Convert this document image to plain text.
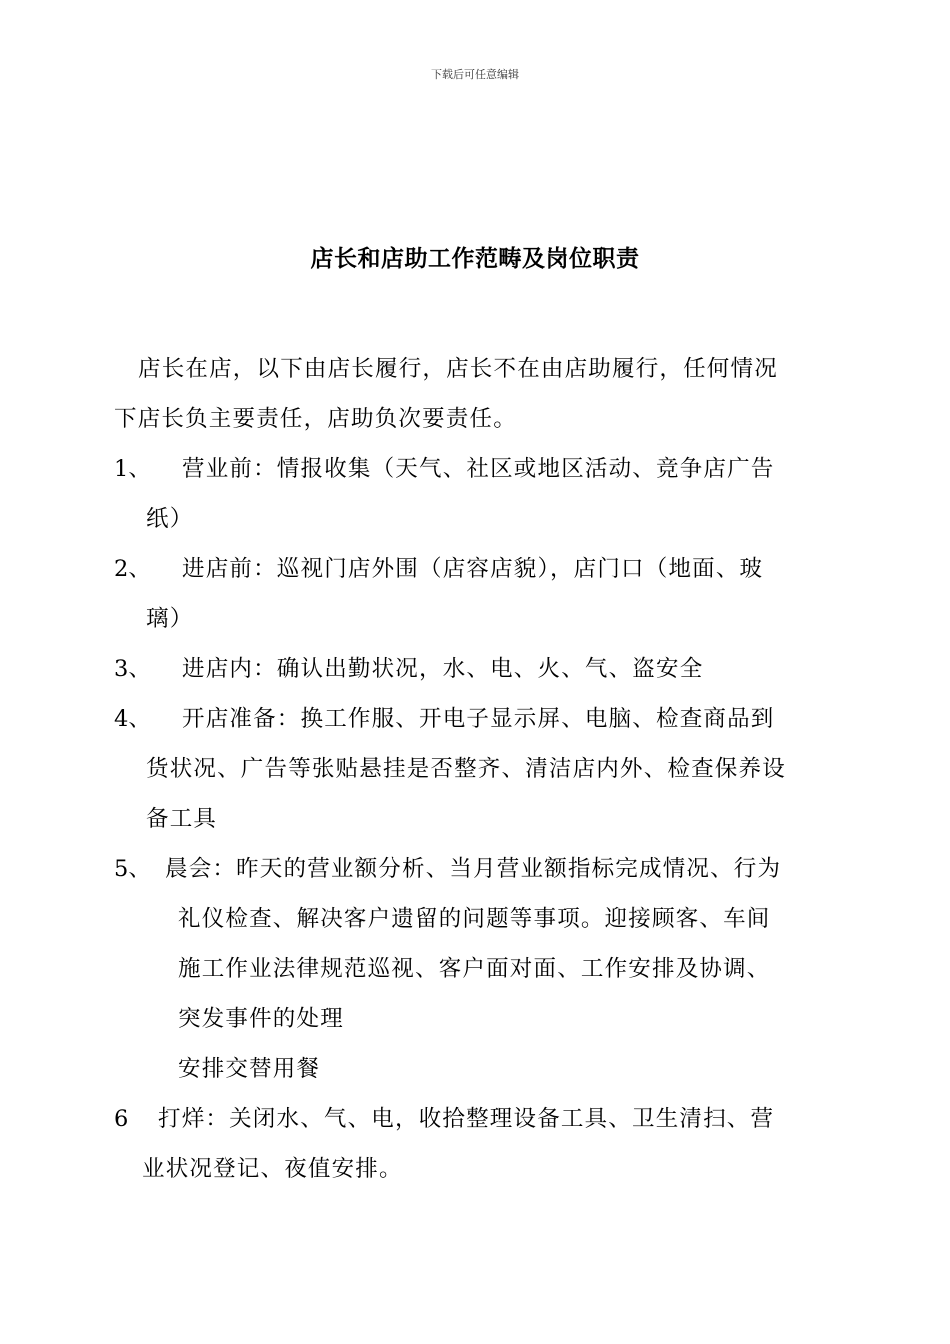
下载后可任意编辑
店长和店助工作范畴及岗位职责
店长在店，以下由店长履行，店长不在由店助履行，任何情况
下店长负主要责任，店助负次要责任。
1、 营业前：情报收集（天气、社区或地区活动、竞争店广告
纸）
2、 进店前：巡视门店外围（店容店貌），店门口（地面、玻
璃）
3、 进店内：确认出勤状况，水、电、火、气、盗安全
4、 开店准备：换工作服、开电子显示屏、电脑、检查商品到
货状况、广告等张贴悬挂是否整齐、清洁店内外、检查保养设
备工具
5、 晨会：昨天的营业额分析、当月营业额指标完成情况、行为
礼仪检查、解决客户遗留的问题等事项。迎接顾客、车间
施工作业法律规范巡视、客户面对面、工作安排及协调、
突发事件的处理
安排交替用餐
6 打烊：关闭水、气、电，收拾整理设备工具、卫生清扫、营
业状况登记、夜值安排。
